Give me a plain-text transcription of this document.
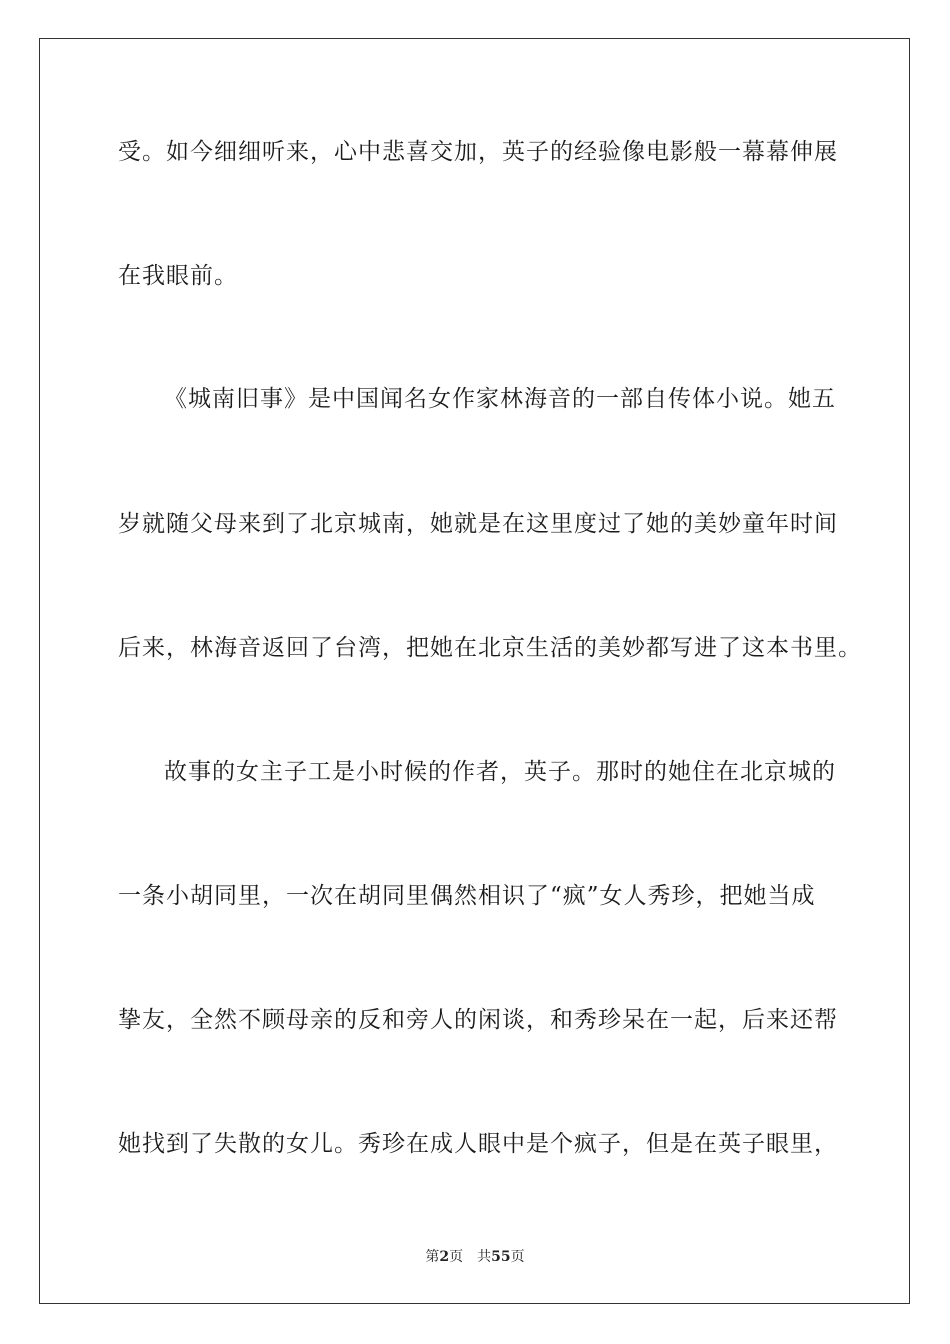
受。如今细细听来，心中悲喜交加，英子的经验像电影般一幕幕伸展
在我眼前。
《城南旧事》是中国闻名女作家林海音的一部自传体小说。她五
岁就随父母来到了北京城南，她就是在这里度过了她的美妙童年时间
后来，林海音返回了台湾，把她在北京生活的美妙都写进了这本书里。
故事的女主子工是小时候的作者，英子。那时的她住在北京城的
一条小胡同里，一次在胡同里偶然相识了“疯”女人秀珍，把她当成
挚友，全然不顾母亲的反和旁人的闲谈，和秀珍呆在一起，后来还帮
她找到了失散的女儿。秀珍在成人眼中是个疯子，但是在英子眼里，
第2页 共55页
